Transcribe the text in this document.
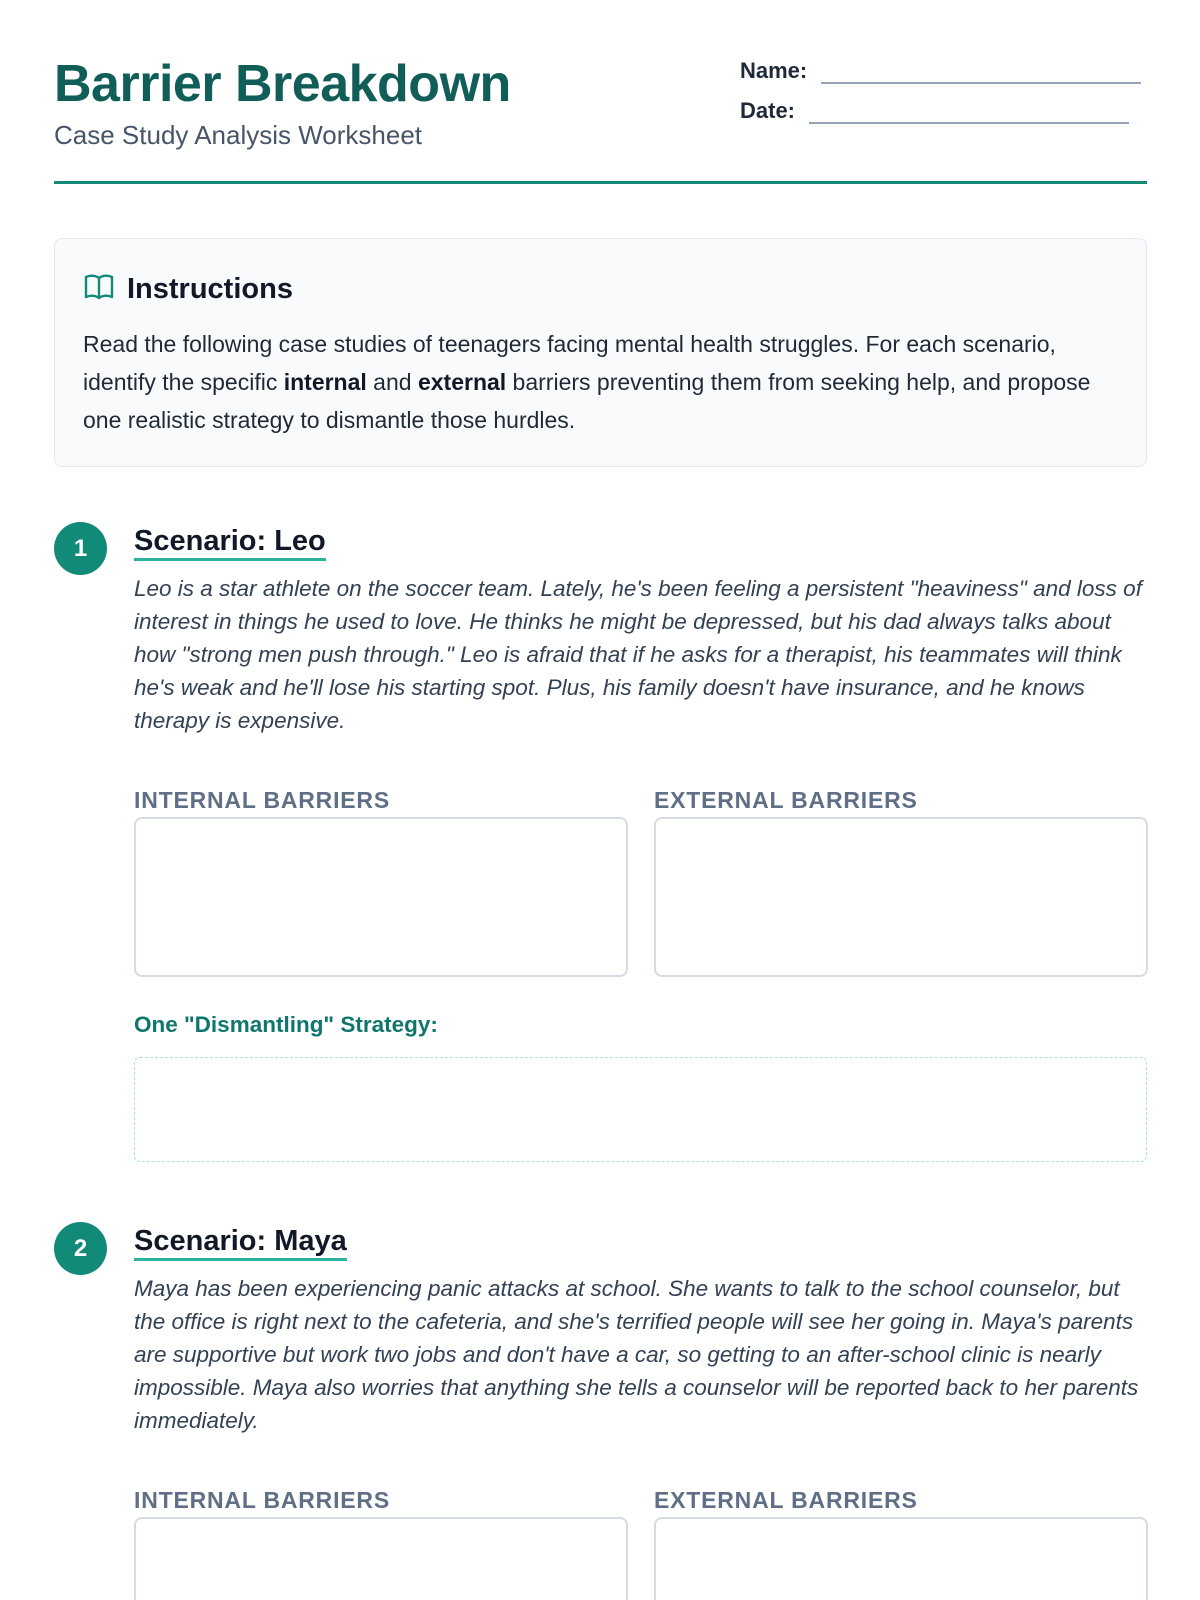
Barrier Breakdown
Case Study Analysis Worksheet
Name:
Date:
Instructions
Read the following case studies of teenagers facing mental health struggles. For each scenario, identify the specific internal and external barriers preventing them from seeking help, and propose one realistic strategy to dismantle those hurdles.
1	Scenario: Leo
Leo is a star athlete on the soccer team. Lately, he's been feeling a persistent "heaviness" and loss of interest in things he used to love. He thinks he might be depressed, but his dad always talks about how "strong men push through." Leo is afraid that if he asks for a therapist, his teammates will think he's weak and he'll lose his starting spot. Plus, his family doesn't have insurance, and he knows therapy is expensive.
INTERNAL BARRIERS	EXTERNAL BARRIERS
One "Dismantling" Strategy:
2	Scenario: Maya
Maya has been experiencing panic attacks at school. She wants to talk to the school counselor, but the office is right next to the cafeteria, and she's terrified people will see her going in. Maya's parents are supportive but work two jobs and don't have a car, so getting to an after-school clinic is nearly impossible. Maya also worries that anything she tells a counselor will be reported back to her parents immediately.
INTERNAL BARRIERS	EXTERNAL BARRIERS
